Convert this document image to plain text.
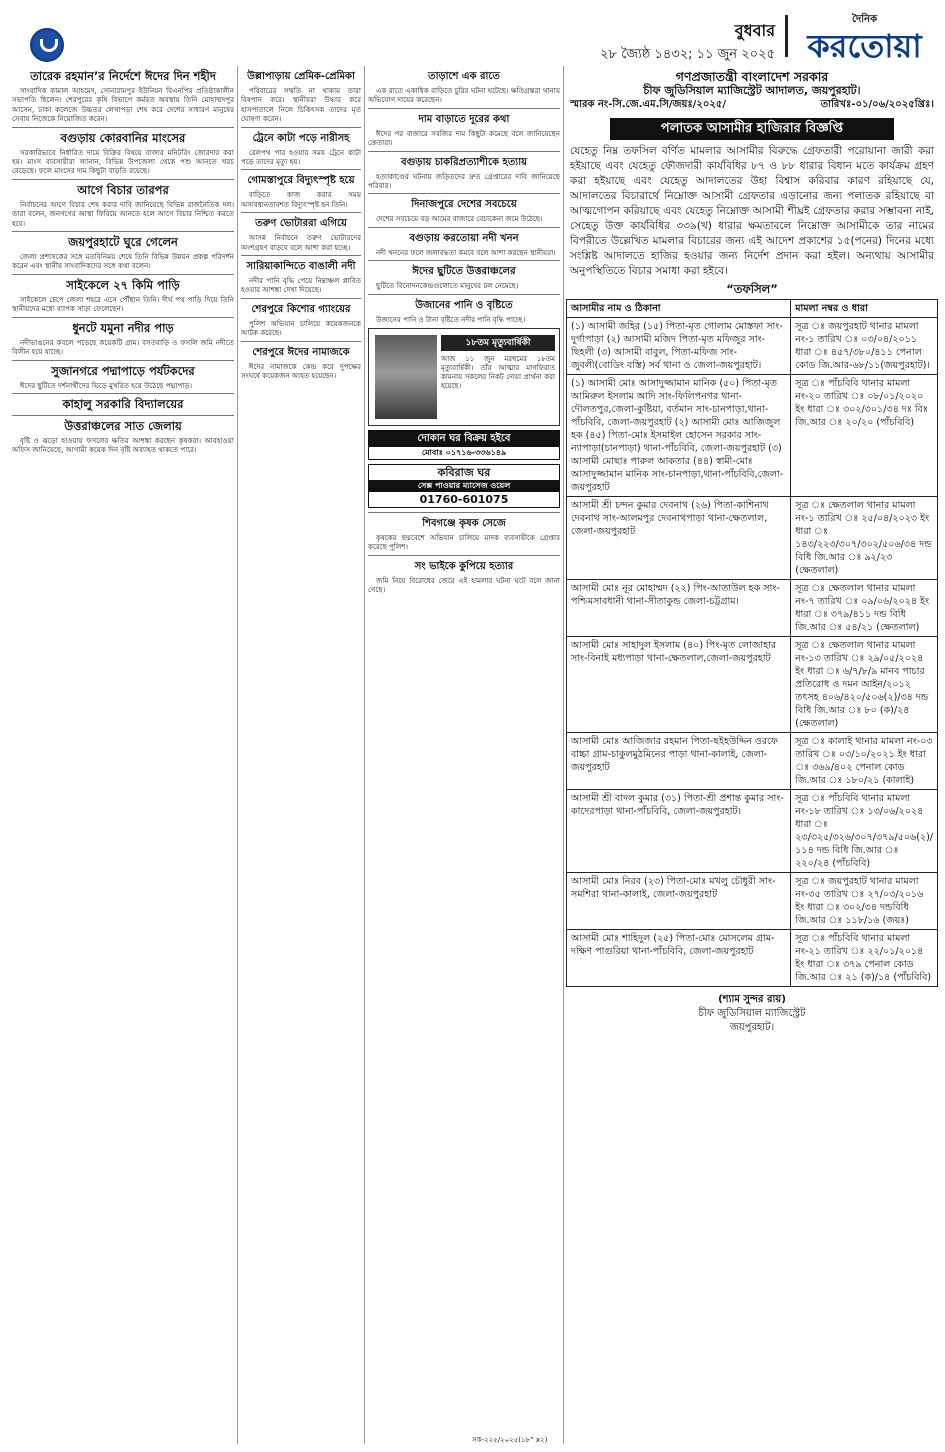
বুধবার
২৮ জ্যৈষ্ঠ ১৪৩২; ১১ জুন ২০২৫
দৈনিক
করতোয়া
তারেক রহমান’র নির্দেশে ঈদের দিন শহীদ

সাংবাদিক কামাল আহমেদ, সোনারামপুর ইউনিয়ন বিএনপির প্রতিষ্ঠাকালীন সভাপতি ছিলেন। শেরপুরের কৃষি বিভাগে কর্মরত অবস্থায় তিনি মোহাম্মদপুর আসেন, ঢাকা কলেজে উচ্চতর লেখাপড়া শেষ করে দেশের সাধারণ মানুষের সেবায় নিজেকে নিয়োজিত করেন।

বগুড়ায় কোরবানির মাংসের

সরকারিভাবে নির্ধারিত দামে বিক্রির বিষয়ে বাজার মনিটরিং জোরদার করা হয়। মাংস ব্যবসায়ীরা জানান, বিভিন্ন উপজেলা থেকে পশু আনতে খরচ বেড়েছে। ফলে মাংসের দাম কিছুটা বাড়তি রয়েছে।

আগে বিচার তারপর

নির্বাচনের আগে বিচার শেষ করার দাবি জানিয়েছে বিভিন্ন রাজনৈতিক দল। তারা বলেন, জনগণের আস্থা ফিরিয়ে আনতে হলে আগে বিচার নিশ্চিত করতে হবে।

জয়পুরহাটে ঘুরে গেলেন

জেলা প্রশাসকের সঙ্গে মতবিনিময় শেষে তিনি বিভিন্ন উন্নয়ন প্রকল্প পরিদর্শন করেন এবং স্থানীয় সাংবাদিকদের সঙ্গে কথা বলেন।

সাইকেলে ২৭ কিমি পাড়ি

সাইকেলে চেপে জেলা শহরে এসে পৌঁছান তিনি। দীর্ঘ পথ পাড়ি দিয়ে তিনি স্থানীয়দের মধ্যে ব্যাপক সাড়া ফেলেছেন।

ধুনটে যমুনা নদীর পাড়

নদীভাঙনের কবলে পড়েছে কয়েকটি গ্রাম। বসতবাড়ি ও ফসলি জমি নদীতে বিলীন হয়ে যাচ্ছে।

সুজানগরে পদ্মাপাড়ে পর্যটকদের

ঈদের ছুটিতে দর্শনার্থীদের ভিড়ে মুখরিত হয়ে উঠেছে পদ্মাপাড়।

কাহালু সরকারি বিদ্যালয়ের
উত্তরাঞ্চলের সাত জেলায়

বৃষ্টি ও ঝড়ো হাওয়ায় ফসলের ক্ষতির আশঙ্কা করছেন কৃষকরা। আবহাওয়া অফিস জানিয়েছে, আগামী কয়েক দিন বৃষ্টি অব্যাহত থাকতে পারে।

উল্লাপাড়ায় প্রেমিক-প্রেমিকা

পরিবারের সম্মতি না থাকায় তারা বিষপান করে। স্থানীয়রা উদ্ধার করে হাসপাতালে নিলে চিকিৎসক তাদের মৃত ঘোষণা করেন।

ট্রেনে কাটা পড়ে নারীসহ

রেলপথ পার হওয়ার সময় ট্রেনে কাটা পড়ে তাদের মৃত্যু হয়।

গোমস্তাপুরে বিদ্যুৎস্পৃষ্ট হয়ে

বাড়িতে কাজ করার সময় অসাবধানতাবশত বিদ্যুৎস্পৃষ্ট হন তিনি।

তরুণ ভোটাররা এগিয়ে

আসন্ন নির্বাচনে তরুণ ভোটারদের অংশগ্রহণ বাড়বে বলে আশা করা হচ্ছে।

সারিয়াকান্দিতে বাঙালী নদী

নদীর পানি বৃদ্ধি পেয়ে নিম্নাঞ্চল প্লাবিত হওয়ার আশঙ্কা দেখা দিয়েছে।

শেরপুরে কিশোর গ্যাংয়ের

পুলিশ অভিযান চালিয়ে কয়েকজনকে আটক করেছে।

শেরপুরে ঈদের নামাজকে

ঈদের নামাজকে কেন্দ্র করে দুপক্ষের সংঘর্ষে কয়েকজন আহত হয়েছেন।

তাড়াশে এক রাতে

এক রাতে একাধিক বাড়িতে চুরির ঘটনা ঘটেছে। ক্ষতিগ্রস্তরা থানায় অভিযোগ দায়ের করেছেন।

দাম বাড়াতে দূরের কথা

ঈদের পর বাজারে সবজির দাম কিছুটা কমেছে বলে জানিয়েছেন ক্রেতারা।

বগুড়ায় চাকরিপ্রত্যাশীকে হত্যায়

হত্যাকাণ্ডের ঘটনায় জড়িতদের দ্রুত গ্রেপ্তারের দাবি জানিয়েছে পরিবার।

দিনাজপুরে দেশের সবচেয়ে

দেশের সবচেয়ে বড় আমের বাজারে বেচাকেনা জমে উঠেছে।

বগুড়ায় করতোয়া নদী খনন

নদী খননের ফলে জলাবদ্ধতা কমবে বলে আশা করছেন স্থানীয়রা।

ঈদের ছুটিতে উত্তরাঞ্চলের

ছুটিতে বিনোদনকেন্দ্রগুলোতে মানুষের ঢল নেমেছে।

উজানের পানি ও বৃষ্টিতে

উজানের পানি ও টানা বৃষ্টিতে নদীর পানি বৃদ্ধি পাচ্ছে।

১৮তম মৃত্যুবার্ষিকী
আজ ১১ জুন মরহুমের ১৮তম মৃত্যুবার্ষিকী। তাঁর আত্মার মাগফিরাত কামনায় সকলের নিকট দোয়া প্রার্থনা করা হয়েছে।
দোকান ঘর বিক্রয় হইবে
মোবাঃ ০১৭১৬-৩৩৬১৪৯
কবিরাজ ঘর
সেক্স পাওয়ার ম্যাসেজ ওয়েল
01760-601075
শিবগঞ্জে কৃষক সেজে

কৃষকের ছদ্মবেশে অভিযান চালিয়ে মাদক ব্যবসায়ীকে গ্রেপ্তার করেছে পুলিশ।

সং ভাইকে কুপিয়ে হত্যার

জমি নিয়ে বিরোধের জেরে এই হামলার ঘটনা ঘটে বলে জানা গেছে।

গণপ্রজাতন্ত্রী বাংলাদেশ সরকার
চীফ জুডিসিয়াল ম্যাজিস্ট্রেট আদালত, জয়পুরহাট।
স্মারক নং-সি.জে.এম.সি/জয়ঃ/২০২৫/	তারিখঃ-০১/০৬/২০২৫খ্রিঃ।
পলাতক আসামীর হাজিরার বিজ্ঞপ্তি
যেহেতু নিম্ন তফসিল বর্ণিত মামলার আসামীর বিরুদ্ধে গ্রেফতারী পরোয়ানা জারী করা হইয়াছে এবং যেহেতু ফৌজদারী কার্যবিধির ৮৭ ও ৮৮ ধারার বিধান মতে কার্যক্রম গ্রহণ করা হইয়াছে এবং যেহেতু আদালতের উহা বিশ্বাস করিবার কারণ রহিয়াছে যে, আদালতের বিচারার্থে নিম্নোক্ত আসামী গ্রেফতার এড়ানোর জন্য পলাতক রহিয়াছে বা আত্মগোপন করিয়াছে এবং যেহেতু নিম্নোক্ত আসামী শীঘ্রই গ্রেফতার করার সম্ভাবনা নাই, সেহেতু উক্ত কার্যবিধির ৩৩৯(খ) ধারার ক্ষমতাবলে নিম্নোক্ত আসামীকে তার নামের বিপরীতে উল্লেখিত মামলার বিচারের জন্য এই আদেশ প্রকাশের ১৫(পনের) দিনের মধ্যে সংশ্লিষ্ট আদালতে হাজির হওয়ার জন্য নির্দেশ প্রদান করা হইল। অন্যথায় আসামীর অনুপস্থিতিতে বিচার সমাধা করা হইবে।
“তফসিল”
আসামীর নাম ও ঠিকানা	মামলা নম্বর ও ধারা
(১) আসামী জহির (১৫) পিতা-মৃত গোলাম মোস্তফা সাং-দুর্গাপাড়া (২) আসামী মজিদ পিতা-মৃত মফিজুর সাং-ছিহলী (৩) আসামী বাবুল, পিতা-মফিজ সাং-জুবলী(বোডিং বস্তি) সর্ব থানা ও জেলা-জয়পুরহাট।	সূত্র ঃ জয়পুরহাট থানার মামলা নং-১ তারিখ ঃ ০৩/০৪/২০১১ ধারা ঃ ৪৫৭/৩৮০/৪১১ পেনাল কোড জি.আর-৬৮/১১(জয়পুরহাট)।
(১) আসামী মোঃ আসাদুজ্জামান মানিক (৫০) পিতা-মৃত আমিরুল ইসলাম আদি সাং-ফিলিপনগর থানা-দৌলতপুর,জেলা-কুষ্টিয়া, বর্তমান সাং-চানপাড়া,থানা-পাঁচবিবি, জেলা-জয়পুরহাট (২) আসামী মোঃ আজিজুল হক (৪৫) পিতা-মোঃ ইসমাইল হোসেন সরকার সাং-ন্যাপাড়া(চানপাড়া) থানা-পাঁচবিবি, জেলা-জয়পুরহাট (৩) আসামী মোছাঃ পারুল আকতার (৪৪) স্বামী-মোঃ আসাদুজ্জামান মানিক সাং-চানপাড়া,থানা-পাঁচবিবি,জেলা-জয়পুরহাট	সূত্র ঃ পাঁচবিবি থানার মামলা নং-২০ তারিখ ঃ ০৮/০১/২০২০ ইং ধারা ঃ ৩০২/৩০১/৩৪ দঃ বিঃ জি.আর ঃ ২০/২০ (পাঁচবিবি)
আসামী শ্রী চন্দন কুমার দেবনাথ (২৬) পিতা-কাশিনাথ দেবনাথ সাং-আলমপুর দেবনাথপাড়া থানা-ক্ষেতলাল, জেলা-জয়পুরহাট	সূত্র ঃ ক্ষেতলাল থানার মামলা নং-১ তারিখ ঃ ২৫/০৪/২০২৩ ইং ধারা ঃ ১৪৩/২২৩/৩০৭/৩০২/৫০৬/৩৪ দন্ড বিধি জি.আর ঃ ৯২/২৩ (ক্ষেতলাল)
আসামী মোঃ নূর মোহাম্মদ (২২) পিং-আতাউল হক সাং-পশ্চিমসাবধানী থানা-সীতাকুন্ড জেলা-চট্টগ্রাম।	সূত্র ঃ ক্ষেতলাল থানার মামলা নং-৭ তারিখ ঃ ০৯/০৬/২০২৪ ইং ধারা ঃ ৩৭৯/৪১১ দন্ড বিধি জি.আর ঃ ৫৪/২১ (ক্ষেতলাল)
আসামী মোঃ সাহাদুল ইসলাম (৪০) পিং-মৃত লোজাহার সাং-বিনাই মধ্যপাড়া থানা-ক্ষেতলাল,জেলা-জয়পুরহাট	সূত্র ঃ ক্ষেতলাল থানার মামলা নং-১৩ তারিখ ঃ ২৯/০৫/২০২৪ ইং ধারা ঃ ৬/৭/৮/৯ মানব পাচার প্রতিরোধ ও দমন আইন/২০১২ তৎসহ ৪০৬/৪২০/৫০৬(২)/৩৪ দন্ড বিধি জি.আর ঃ ৮০ (ক)/২৪ (ক্ষেতলাল)
আসামী মোঃ আজিজার রহমান পিতা-ছইহউদ্দিন ওরফে বাচ্চা গ্রাম-চাকুলমুঠমিনের পাড়া থানা-কালাই, জেলা-জয়পুরহাট	সূত্র ঃ কালাই থানার মামলা নং-০৩ তারিখ ঃ ০৩/১০/২০২১ ইং ধারা ঃ ৩৬৯/৪০২ পেনাল কোড জি.আর ঃ ১৮০/২১ (কালাই)
আসামী শ্রী বাদল কুমার (৩১) পিতা-শ্রী প্রশান্ত কুমার সাং-কাদেরপাড়া থানা-পাঁচবিবি, জেলা-জয়পুরহাট।	সূত্র ঃ পাঁচবিবি থানার মামলা নং-১৮ তারিখ ঃ ১৩/০৬/২০২৪ ধারা ঃ ২৩/৩২৫/৩২৬/৩০৭/৩৭৯/৫০৬(২)/১১৪ দন্ড বিধি জি.আর ঃ ২২০/২৪ (পাঁচবিবি)
আসামী মোঃ নিরব (২৩) পিতা-মোঃ মখলু চৌধুরী সাং-সমশিরা থানা-কালাই, জেলা-জয়পুরহাট	সূত্র ঃ জয়পুরহাট থানার মামলা নং-৩৫ তারিখ ঃ ২৭/০৩/২০১৬ ইং ধারা ঃ ৩০২/৩৪ দন্ডবিধি জি.আর ঃ ১১৮/১৬ (জয়ঃ)
আসামী মোঃ শাহিদুল (২৫) পিতা-মোঃ মোসলেম গ্রাম-দক্ষিণ পাগুরিয়া থানা-পাঁচবিবি, জেলা-জয়পুরহাট	সূত্র ঃ পাঁচবিবি থানার মামলা নং-২১ তারিখ ঃ ২২/০১/২০১৪ ইং ধারা ঃ ৩৭৯ পেনাল কোড জি.আর ঃ ২১ (ক)/১৪ (পাঁচবিবি)
(শ্যাম সুন্দর রায়)
চীফ জুডিসিয়াল ম্যাজিস্ট্রেট
জয়পুরহাট।
সক-২২৫/২০২৫(১৮” x২)
